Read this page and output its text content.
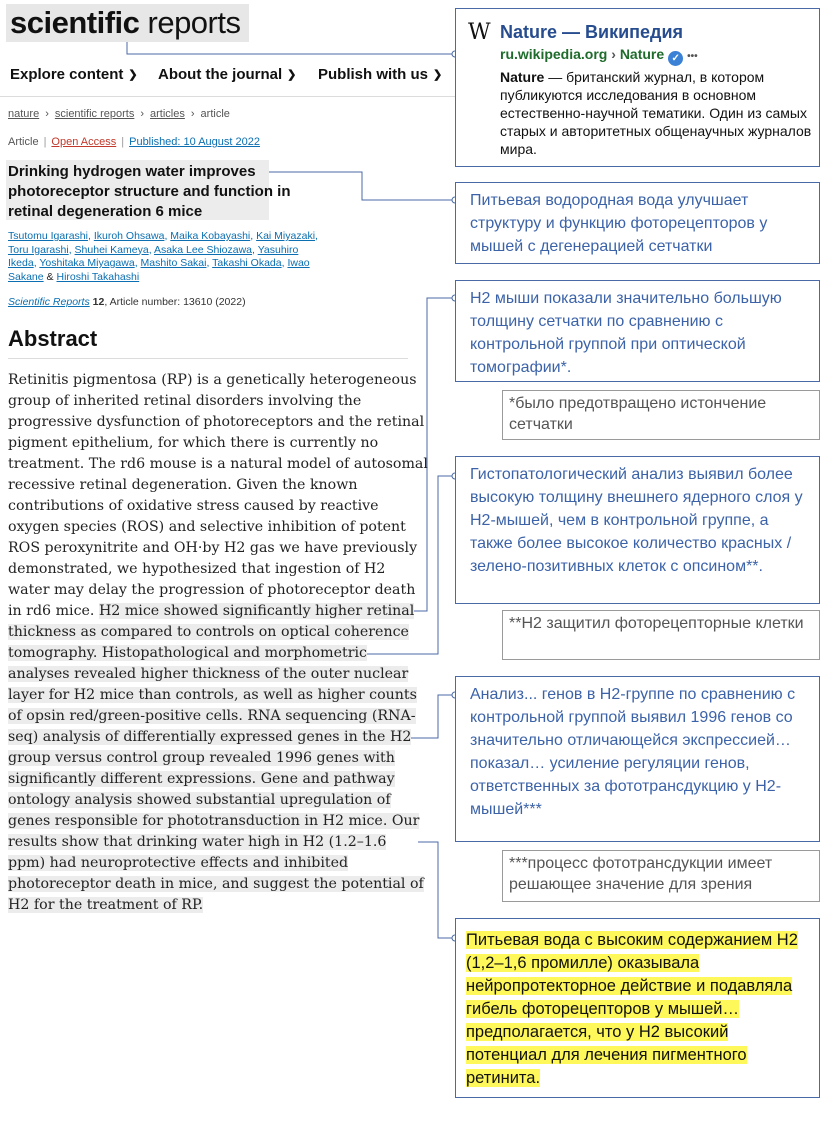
scientific reports
Explore content ❯ About the journal ❯ Publish with us ❯
nature › scientific reports › articles › article
Article | Open Access | Published: 10 August 2022
Drinking hydrogen water improves photoreceptor structure and function in retinal degeneration 6 mice
Tsutomu Igarashi, Ikuroh Ohsawa, Maika Kobayashi, Kai Miyazaki, Toru Igarashi, Shuhei Kameya, Asaka Lee Shiozawa, Yasuhiro Ikeda, Yoshitaka Miyagawa, Mashito Sakai, Takashi Okada, Iwao Sakane & Hiroshi Takahashi
Scientific Reports 12, Article number: 13610 (2022)
Abstract
Retinitis pigmentosa (RP) is a genetically heterogeneous group of inherited retinal disorders involving the progressive dysfunction of photoreceptors and the retinal pigment epithelium, for which there is currently no treatment. The rd6 mouse is a natural model of autosomal recessive retinal degeneration. Given the known contributions of oxidative stress caused by reactive oxygen species (ROS) and selective inhibition of potent ROS peroxynitrite and OH·by H2 gas we have previously demonstrated, we hypothesized that ingestion of H2 water may delay the progression of photoreceptor death in rd6 mice. H2 mice showed significantly higher retinal thickness as compared to controls on optical coherence tomography. Histopathological and morphometric analyses revealed higher thickness of the outer nuclear layer for H2 mice than controls, as well as higher counts of opsin red/green-positive cells. RNA sequencing (RNA-seq) analysis of differentially expressed genes in the H2 group versus control group revealed 1996 genes with significantly different expressions. Gene and pathway ontology analysis showed substantial upregulation of genes responsible for phototransduction in H2 mice. Our results show that drinking water high in H2 (1.2–1.6 ppm) had neuroprotective effects and inhibited photoreceptor death in mice, and suggest the potential of H2 for the treatment of RP.
W Nature — Википедия
ru.wikipedia.org › Nature ✓ •••
Nature — британский журнал, в котором публикуются исследования в основном естественно-научной тематики. Один из самых старых и авторитетных общенаучных журналов мира.
Питьевая водородная вода улучшает структуру и функцию фоторецепторов у мышей с дегенерацией сетчатки
H2 мыши показали значительно большую толщину сетчатки по сравнению с контрольной группой при оптической томографии*.
*было предотвращено истончение сетчатки
Гистопатологический анализ выявил более высокую толщину внешнего ядерного слоя у H2-мышей, чем в контрольной группе, а также более высокое количество красных /зелено-позитивных клеток с опсином**.
**H2 защитил фоторецепторные клетки
Анализ... генов в H2-группе по сравнению с контрольной группой выявил 1996 генов со значительно отличающейся экспрессией… показал… усиление регуляции генов, ответственных за фототрансдукцию у H2-мышей***
***процесс фототрансдукции имеет решающее значение для зрения
Питьевая вода с высоким содержанием H2 (1,2–1,6 промилле) оказывала нейропротекторное действие и подавляла гибель фоторецепторов у мышей… предполагается, что у H2 высокий потенциал для лечения пигментного ретинита.
